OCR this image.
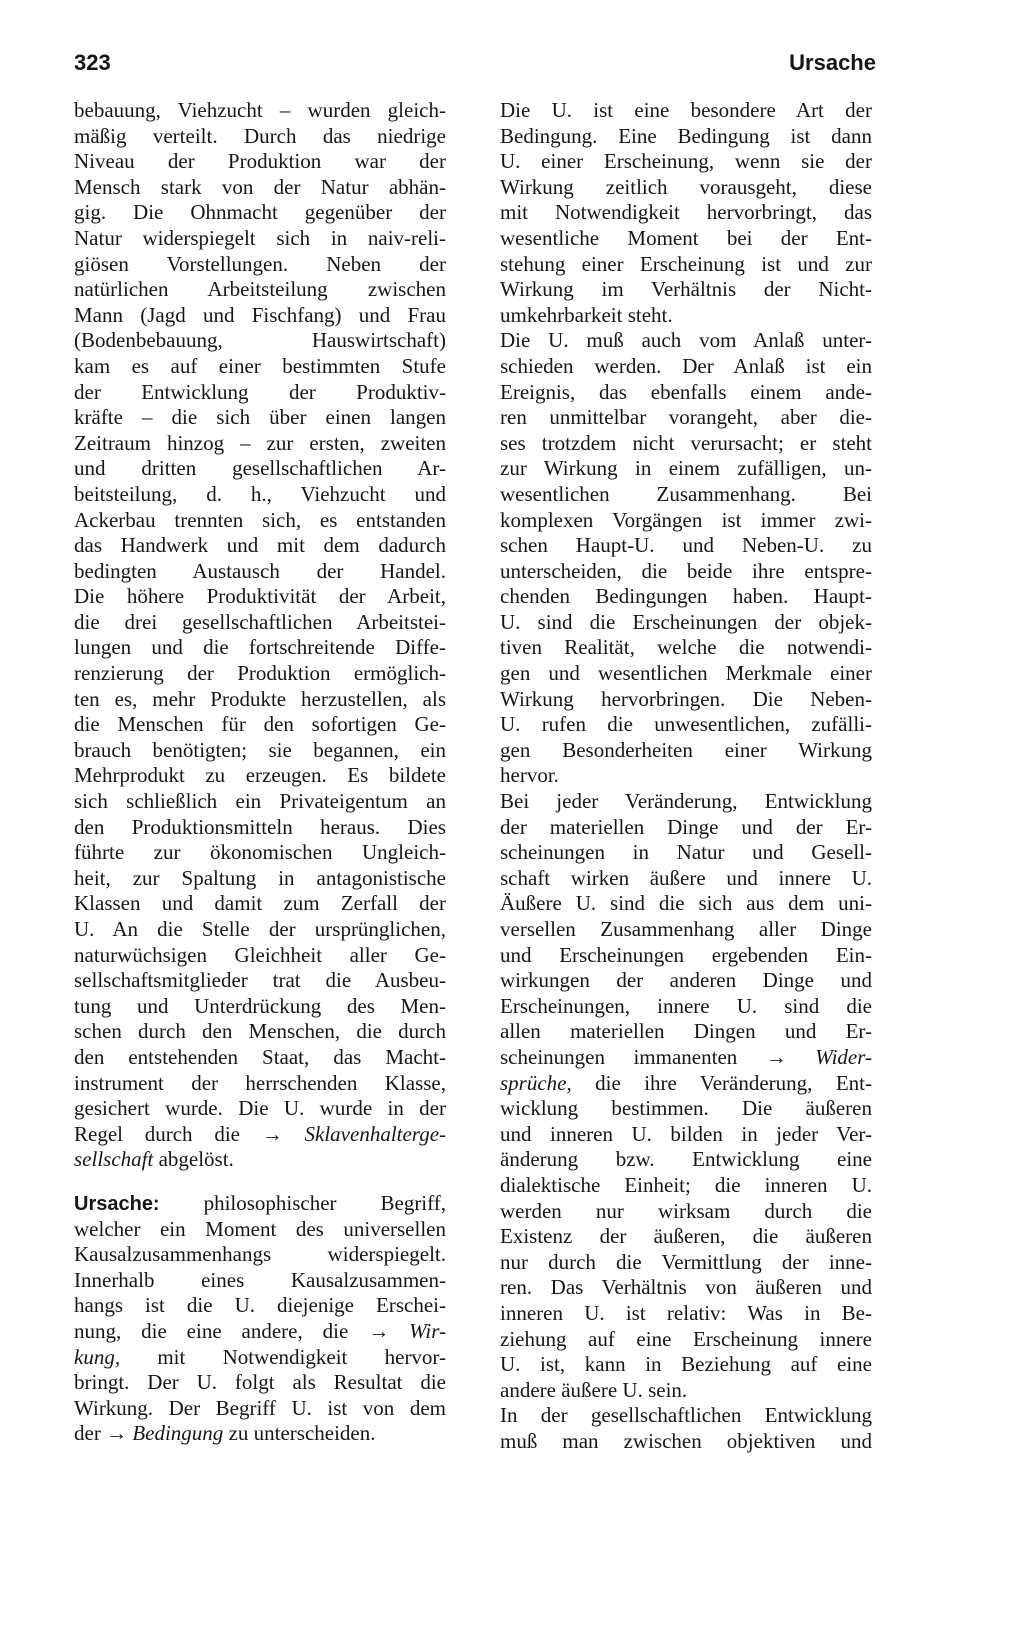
323	Ursache
bebauung, Viehzucht – wurden gleich-
mäßig verteilt. Durch das niedrige
Niveau der Produktion war der
Mensch stark von der Natur abhän-
gig. Die Ohnmacht gegenüber der
Natur widerspiegelt sich in naiv-reli-
giösen Vorstellungen. Neben der
natürlichen Arbeitsteilung zwischen
Mann (Jagd und Fischfang) und Frau
(Bodenbebauung, Hauswirtschaft)
kam es auf einer bestimmten Stufe
der Entwicklung der Produktiv-
kräfte – die sich über einen langen
Zeitraum hinzog – zur ersten, zweiten
und dritten gesellschaftlichen Ar-
beitsteilung, d. h., Viehzucht und
Ackerbau trennten sich, es entstanden
das Handwerk und mit dem dadurch
bedingten Austausch der Handel.
Die höhere Produktivität der Arbeit,
die drei gesellschaftlichen Arbeitstei-
lungen und die fortschreitende Diffe-
renzierung der Produktion ermöglich-
ten es, mehr Produkte herzustellen, als
die Menschen für den sofortigen Ge-
brauch benötigten; sie begannen, ein
Mehrprodukt zu erzeugen. Es bildete
sich schließlich ein Privateigentum an
den Produktionsmitteln heraus. Dies
führte zur ökonomischen Ungleich-
heit, zur Spaltung in antagonistische
Klassen und damit zum Zerfall der
U. An die Stelle der ursprünglichen,
naturwüchsigen Gleichheit aller Ge-
sellschaftsmitglieder trat die Ausbeu-
tung und Unterdrückung des Men-
schen durch den Menschen, die durch
den entstehenden Staat, das Macht-
instrument der herrschenden Klasse,
gesichert wurde. Die U. wurde in der
Regel durch die → Sklavenhalterge-
sellschaft abgelöst.
Ursache: philosophischer Begriff,
welcher ein Moment des universellen
Kausalzusammenhangs widerspiegelt.
Innerhalb eines Kausalzusammen-
hangs ist die U. diejenige Erschei-
nung, die eine andere, die → Wir-
kung, mit Notwendigkeit hervor-
bringt. Der U. folgt als Resultat die
Wirkung. Der Begriff U. ist von dem
der → Bedingung zu unterscheiden.
Die U. ist eine besondere Art der
Bedingung. Eine Bedingung ist dann
U. einer Erscheinung, wenn sie der
Wirkung zeitlich vorausgeht, diese
mit Notwendigkeit hervorbringt, das
wesentliche Moment bei der Ent-
stehung einer Erscheinung ist und zur
Wirkung im Verhältnis der Nicht-
umkehrbarkeit steht.
Die U. muß auch vom Anlaß unter-
schieden werden. Der Anlaß ist ein
Ereignis, das ebenfalls einem ande-
ren unmittelbar vorangeht, aber die-
ses trotzdem nicht verursacht; er steht
zur Wirkung in einem zufälligen, un-
wesentlichen Zusammenhang. Bei
komplexen Vorgängen ist immer zwi-
schen Haupt-U. und Neben-U. zu
unterscheiden, die beide ihre entspre-
chenden Bedingungen haben. Haupt-
U. sind die Erscheinungen der objek-
tiven Realität, welche die notwendi-
gen und wesentlichen Merkmale einer
Wirkung hervorbringen. Die Neben-
U. rufen die unwesentlichen, zufälli-
gen Besonderheiten einer Wirkung
hervor.
Bei jeder Veränderung, Entwicklung
der materiellen Dinge und der Er-
scheinungen in Natur und Gesell-
schaft wirken äußere und innere U.
Äußere U. sind die sich aus dem uni-
versellen Zusammenhang aller Dinge
und Erscheinungen ergebenden Ein-
wirkungen der anderen Dinge und
Erscheinungen, innere U. sind die
allen materiellen Dingen und Er-
scheinungen immanenten → Wider-
sprüche, die ihre Veränderung, Ent-
wicklung bestimmen. Die äußeren
und inneren U. bilden in jeder Ver-
änderung bzw. Entwicklung eine
dialektische Einheit; die inneren U.
werden nur wirksam durch die
Existenz der äußeren, die äußeren
nur durch die Vermittlung der inne-
ren. Das Verhältnis von äußeren und
inneren U. ist relativ: Was in Be-
ziehung auf eine Erscheinung innere
U. ist, kann in Beziehung auf eine
andere äußere U. sein.
In der gesellschaftlichen Entwicklung
muß man zwischen objektiven und
